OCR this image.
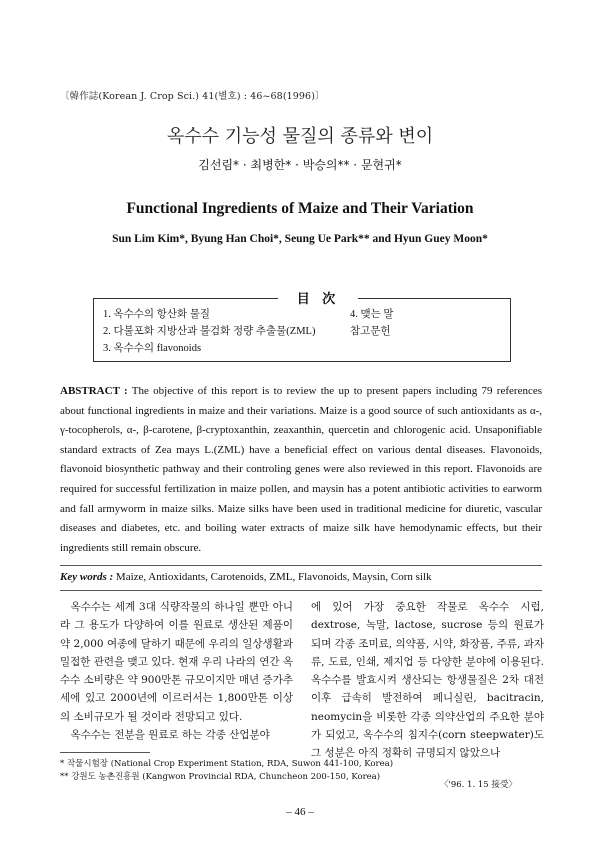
〔韓作誌(Korean J. Crop Sci.) 41(별호) : 46~68(1996)〕
옥수수 기능성 물질의 종류와 변이
김선림* · 최병한* · 박승의** · 문현귀*
Functional Ingredients of Maize and Their Variation
Sun Lim Kim*, Byung Han Choi*, Seung Ue Park** and Hyun Guey Moon*
目 次
1. 옥수수의 항산화 물질
2. 다불포화 지방산과 불검화 정량 추출물(ZML)
3. 옥수수의 flavonoids
4. 맺는 말
참고문헌
ABSTRACT : The objective of this report is to review the up to present papers including 79 references about functional ingredients in maize and their variations. Maize is a good source of such antioxidants as α-, γ-tocopherols, α-, β-carotene, β-cryptoxanthin, zeaxanthin, quercetin and chlorogenic acid. Unsaponifiable standard extracts of Zea mays L.(ZML) have a beneficial effect on various dental diseases. Flavonoids, flavonoid biosynthetic pathway and their controling genes were also reviewed in this report. Flavonoids are required for successful fertilization in maize pollen, and maysin has a potent antibiotic activities to earworm and fall armyworm in maize silks. Maize silks have been used in traditional medicine for diuretic, vascular diseases and diabetes, etc. and boiling water extracts of maize silk have hemodynamic effects, but their ingredients still remain obscure.
Key words : Maize, Antioxidants, Carotenoids, ZML, Flavonoids, Maysin, Corn silk

옥수수는 세계 3대 식량작물의 하나일 뿐만 아니라 그 용도가 다양하여 이를 원료로 생산된 제품이 약 2,000 여종에 달하기 때문에 우리의 일상생활과 밀접한 관련을 맺고 있다. 현재 우리 나라의 연간 옥수수 소비량은 약 900만톤 규모이지만 매년 증가추세에 있고 2000년에 이르러서는 1,800만톤 이상의 소비규모가 될 것이라 전망되고 있다.

옥수수는 전분을 원료로 하는 각종 산업분야

에 있어 가장 중요한 작물로 옥수수 시럽, dextrose, 녹말, lactose, sucrose 등의 원료가 되며 각종 조미료, 의약품, 시약, 화장품, 주류, 과자류, 도료, 인쇄, 제지업 등 다양한 분야에 이용된다. 옥수수를 발효시켜 생산되는 항생물질은 2차 대전 이후 급속히 발전하여 페니실린, bacitracin, neomycin을 비롯한 각종 의약산업의 주요한 분야가 되었고, 옥수수의 침지수(corn steepwater)도 그 성분은 아직 정확히 규명되지 않았으나

* 작물시험장 (National Crop Experiment Station, RDA, Suwon 441-100, Korea)
** 강원도 농촌진흥원 (Kangwon Provincial RDA, Chuncheon 200-150, Korea)
〈'96. 1. 15 接受〉
– 46 –
